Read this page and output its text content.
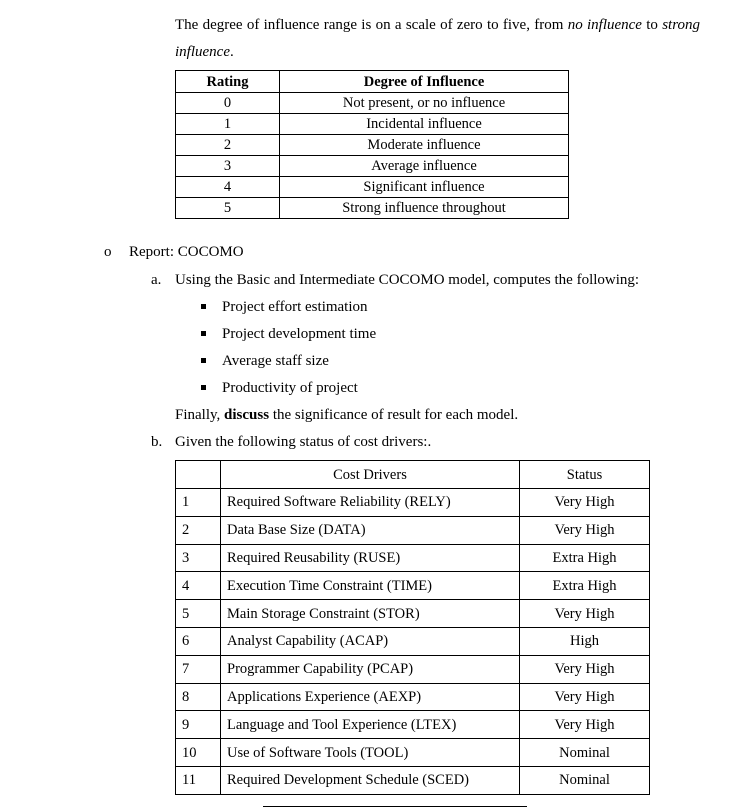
The degree of influence range is on a scale of zero to five, from no influence to strong influence.
Rating	Degree of Influence
0	Not present, or no influence
1	Incidental influence
2	Moderate influence
3	Average influence
4	Significant influence
5	Strong influence throughout
o Report: COCOMO
a. Using the Basic and Intermediate COCOMO model, computes the following:
Project effort estimation
Project development time
Average staff size
Productivity of project
Finally, discuss the significance of result for each model.
b. Given the following status of cost drivers:.
	Cost Drivers	Status
1	Required Software Reliability (RELY)	Very High
2	Data Base Size (DATA)	Very High
3	Required Reusability (RUSE)	Extra High
4	Execution Time Constraint (TIME)	Extra High
5	Main Storage Constraint (STOR)	Very High
6	Analyst Capability (ACAP)	High
7	Programmer Capability (PCAP)	Very High
8	Applications Experience (AEXP)	Very High
9	Language and Tool Experience (LTEX)	Very High
10	Use of Software Tools (TOOL)	Nominal
11	Required Development Schedule (SCED)	Nominal
